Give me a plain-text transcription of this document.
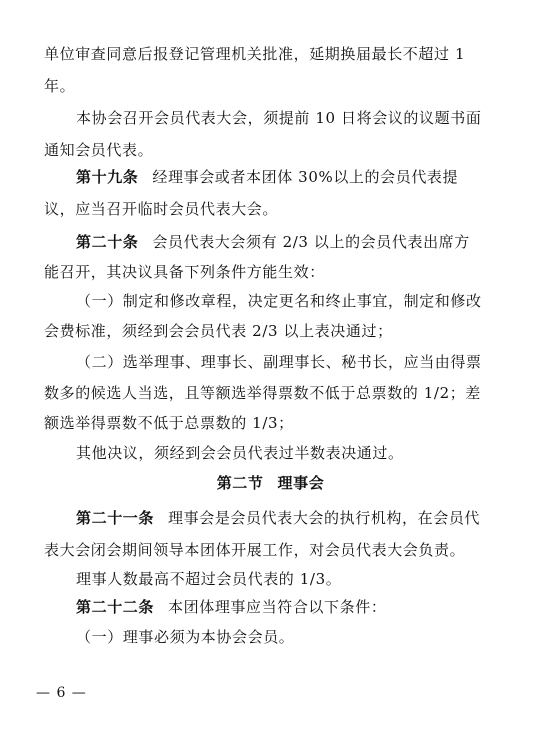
单位审查同意后报登记管理机关批准，延期换届最长不超过 1
年。
本协会召开会员代表大会，须提前 10 日将会议的议题书面
通知会员代表。
第十九条 经理事会或者本团体 30%以上的会员代表提
议，应当召开临时会员代表大会。
第二十条 会员代表大会须有 2/3 以上的会员代表出席方
能召开，其决议具备下列条件方能生效：
（一）制定和修改章程，决定更名和终止事宜，制定和修改
会费标准，须经到会会员代表 2/3 以上表决通过；
（二）选举理事、理事长、副理事长、秘书长，应当由得票
数多的候选人当选，且等额选举得票数不低于总票数的 1/2；差
额选举得票数不低于总票数的 1/3；
其他决议，须经到会会员代表过半数表决通过。
第二节 理事会
第二十一条 理事会是会员代表大会的执行机构，在会员代
表大会闭会期间领导本团体开展工作，对会员代表大会负责。
理事人数最高不超过会员代表的 1/3。
第二十二条 本团体理事应当符合以下条件：
（一）理事必须为本协会会员。
— 6 —
